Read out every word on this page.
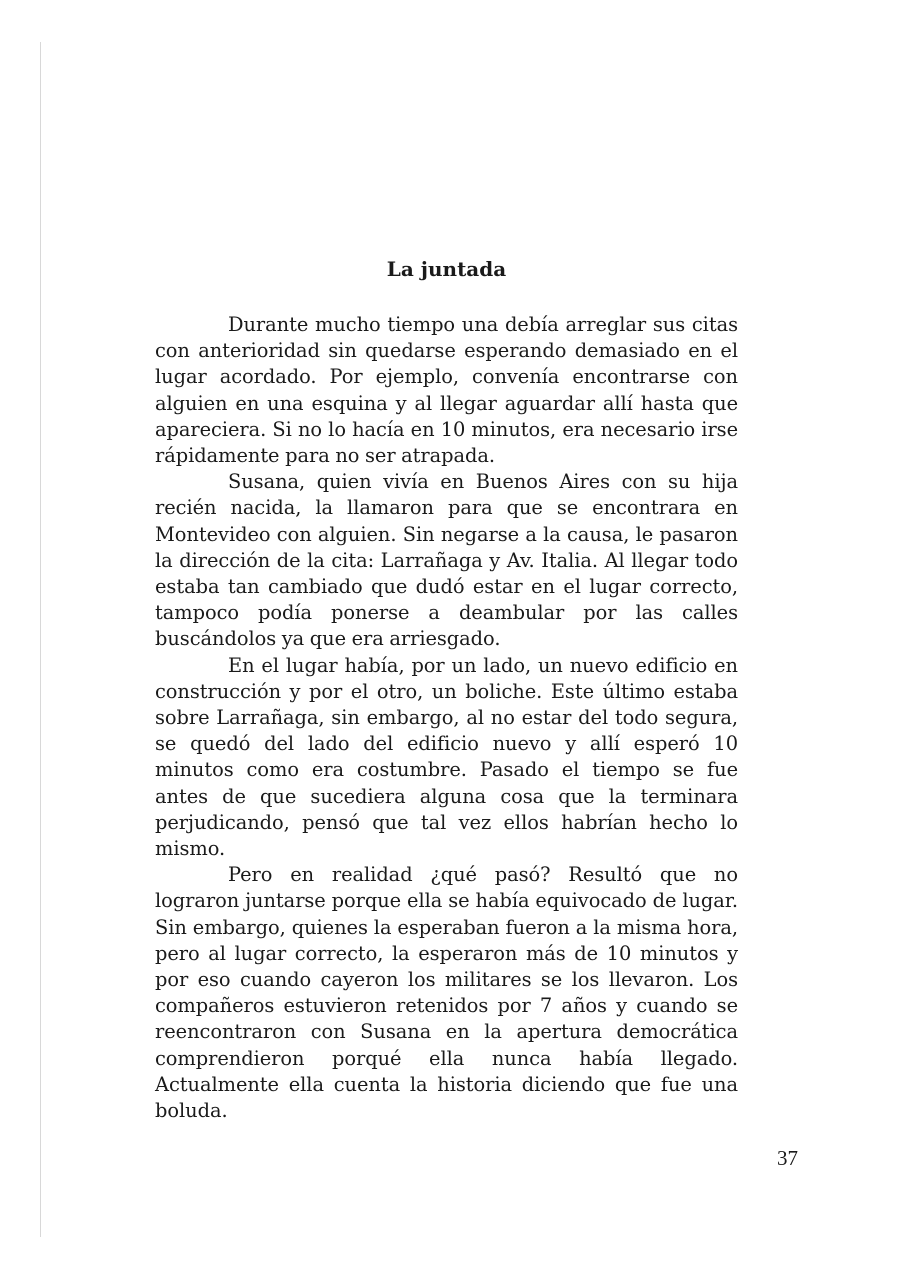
La juntada

Durante mucho tiempo una debía arreglar sus citas con anterioridad sin quedarse esperando demasiado en el lugar acordado. Por ejemplo, convenía encontrarse con alguien en una esquina y al llegar aguardar allí hasta que apareciera. Si no lo hacía en 10 minutos, era necesario irse rápidamente para no ser atrapada.

Susana, quien vivía en Buenos Aires con su hija recién nacida, la llamaron para que se encontrara en Montevideo con alguien. Sin negarse a la causa, le pasaron la dirección de la cita: Larrañaga y Av. Italia. Al llegar todo estaba tan cambiado que dudó estar en el lugar correcto, tampoco podía ponerse a deambular por las calles buscándolos ya que era arriesgado.

En el lugar había, por un lado, un nuevo edificio en construcción y por el otro, un boliche. Este último estaba sobre Larrañaga, sin embargo, al no estar del todo segura, se quedó del lado del edificio nuevo y allí esperó 10 minutos como era costumbre. Pasado el tiempo se fue antes de que sucediera alguna cosa que la terminara perjudicando, pensó que tal vez ellos habrían hecho lo mismo.

Pero en realidad ¿qué pasó? Resultó que no lograron juntarse porque ella se había equivocado de lugar. Sin embargo, quienes la esperaban fueron a la misma hora, pero al lugar correcto, la esperaron más de 10 minutos y por eso cuando cayeron los militares se los llevaron. Los compañeros estuvieron retenidos por 7 años y cuando se reencontraron con Susana en la apertura democrática comprendieron porqué ella nunca había llegado. Actualmente ella cuenta la historia diciendo que fue una boluda.

37
